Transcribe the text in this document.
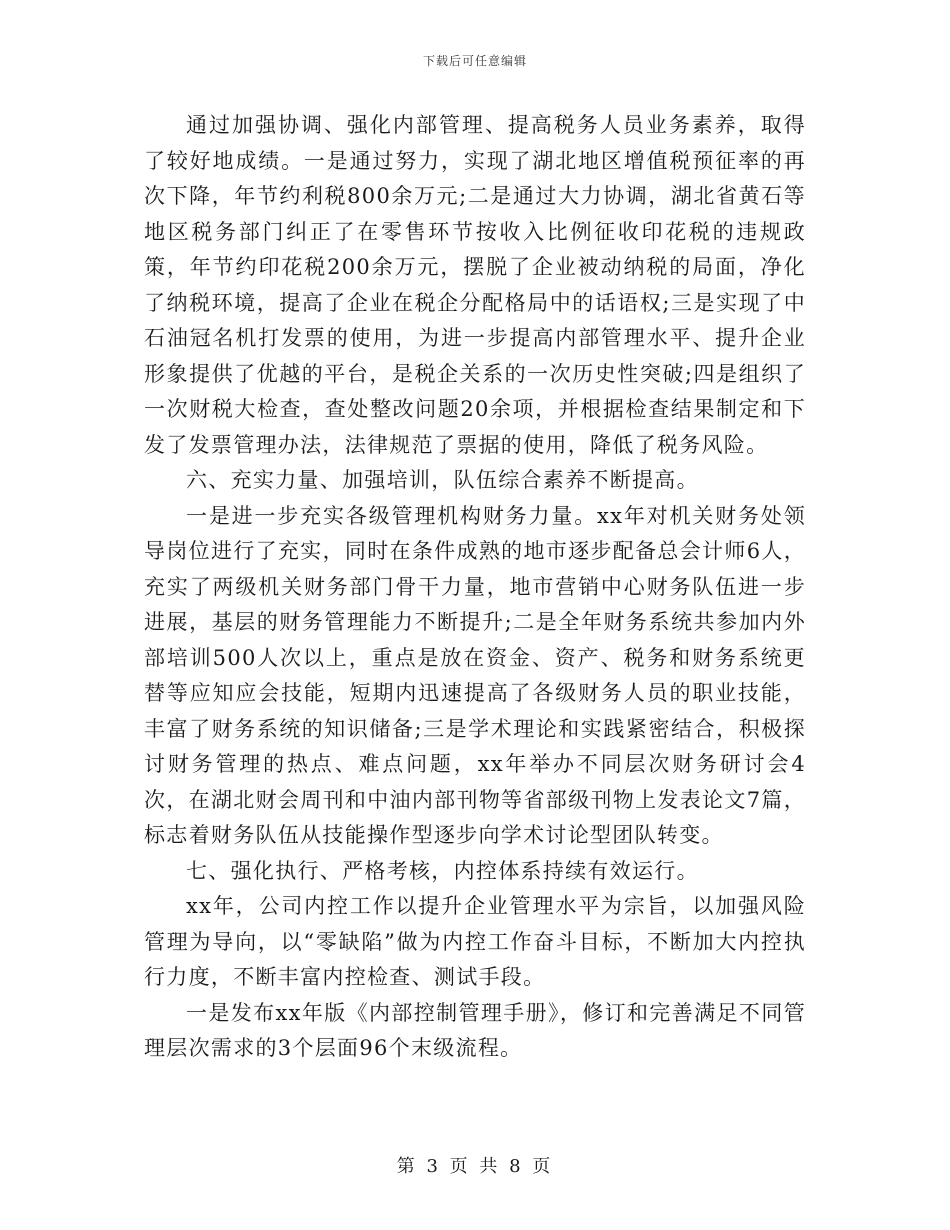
下载后可任意编辑

通过加强协调、强化内部管理、提高税务人员业务素养，取得了较好地成绩。一是通过努力，实现了湖北地区增值税预征率的再次下降，年节约利税800余万元;二是通过大力协调，湖北省黄石等地区税务部门纠正了在零售环节按收入比例征收印花税的违规政策，年节约印花税200余万元，摆脱了企业被动纳税的局面，净化了纳税环境，提高了企业在税企分配格局中的话语权;三是实现了中石油冠名机打发票的使用，为进一步提高内部管理水平、提升企业形象提供了优越的平台，是税企关系的一次历史性突破;四是组织了一次财税大检查，查处整改问题20余项，并根据检查结果制定和下发了发票管理办法，法律规范了票据的使用，降低了税务风险。

六、充实力量、加强培训，队伍综合素养不断提高。

一是进一步充实各级管理机构财务力量。xx年对机关财务处领导岗位进行了充实，同时在条件成熟的地市逐步配备总会计师6人，充实了两级机关财务部门骨干力量，地市营销中心财务队伍进一步进展，基层的财务管理能力不断提升;二是全年财务系统共参加内外部培训500人次以上，重点是放在资金、资产、税务和财务系统更替等应知应会技能，短期内迅速提高了各级财务人员的职业技能，丰富了财务系统的知识储备;三是学术理论和实践紧密结合，积极探讨财务管理的热点、难点问题，xx年举办不同层次财务研讨会4次，在湖北财会周刊和中油内部刊物等省部级刊物上发表论文7篇，标志着财务队伍从技能操作型逐步向学术讨论型团队转变。

七、强化执行、严格考核，内控体系持续有效运行。

xx年，公司内控工作以提升企业管理水平为宗旨，以加强风险管理为导向，以“零缺陷”做为内控工作奋斗目标，不断加大内控执行力度，不断丰富内控检查、测试手段。

一是发布xx年版《内部控制管理手册》，修订和完善满足不同管理层次需求的3个层面96个末级流程。

第 3 页 共 8 页
